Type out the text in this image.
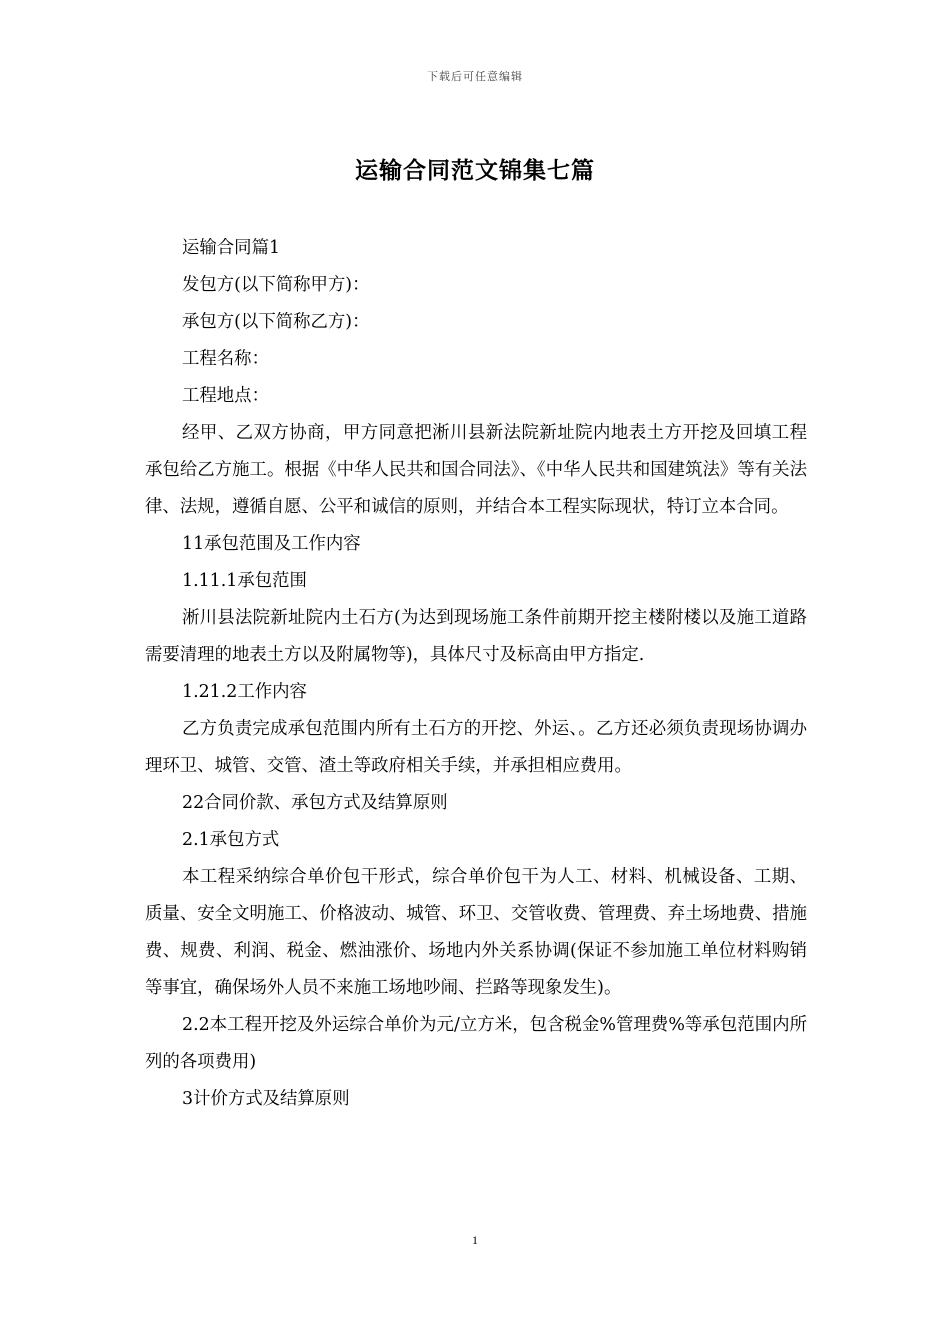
下载后可任意编辑
运输合同范文锦集七篇

运输合同篇1

发包方(以下简称甲方)：

承包方(以下简称乙方)：

工程名称：

工程地点：

经甲、乙双方协商，甲方同意把淅川县新法院新址院内地表土方开挖及回填工程承包给乙方施工。根据《中华人民共和国合同法》、《中华人民共和国建筑法》等有关法律、法规，遵循自愿、公平和诚信的原则，并结合本工程实际现状，特订立本合同。

11承包范围及工作内容

1.11.1承包范围

淅川县法院新址院内土石方(为达到现场施工条件前期开挖主楼附楼以及施工道路需要清理的地表土方以及附属物等)，具体尺寸及标高由甲方指定.

1.21.2工作内容

乙方负责完成承包范围内所有土石方的开挖、外运、。乙方还必须负责现场协调办理环卫、城管、交管、渣土等政府相关手续，并承担相应费用。

22合同价款、承包方式及结算原则

2.1承包方式

本工程采纳综合单价包干形式，综合单价包干为人工、材料、机械设备、工期、质量、安全文明施工、价格波动、城管、环卫、交管收费、管理费、弃土场地费、措施费、规费、利润、税金、燃油涨价、场地内外关系协调(保证不参加施工单位材料购销等事宜，确保场外人员不来施工场地吵闹、拦路等现象发生)。

2.2本工程开挖及外运综合单价为元/立方米，包含税金%管理费%等承包范围内所列的各项费用)

3计价方式及结算原则

1
